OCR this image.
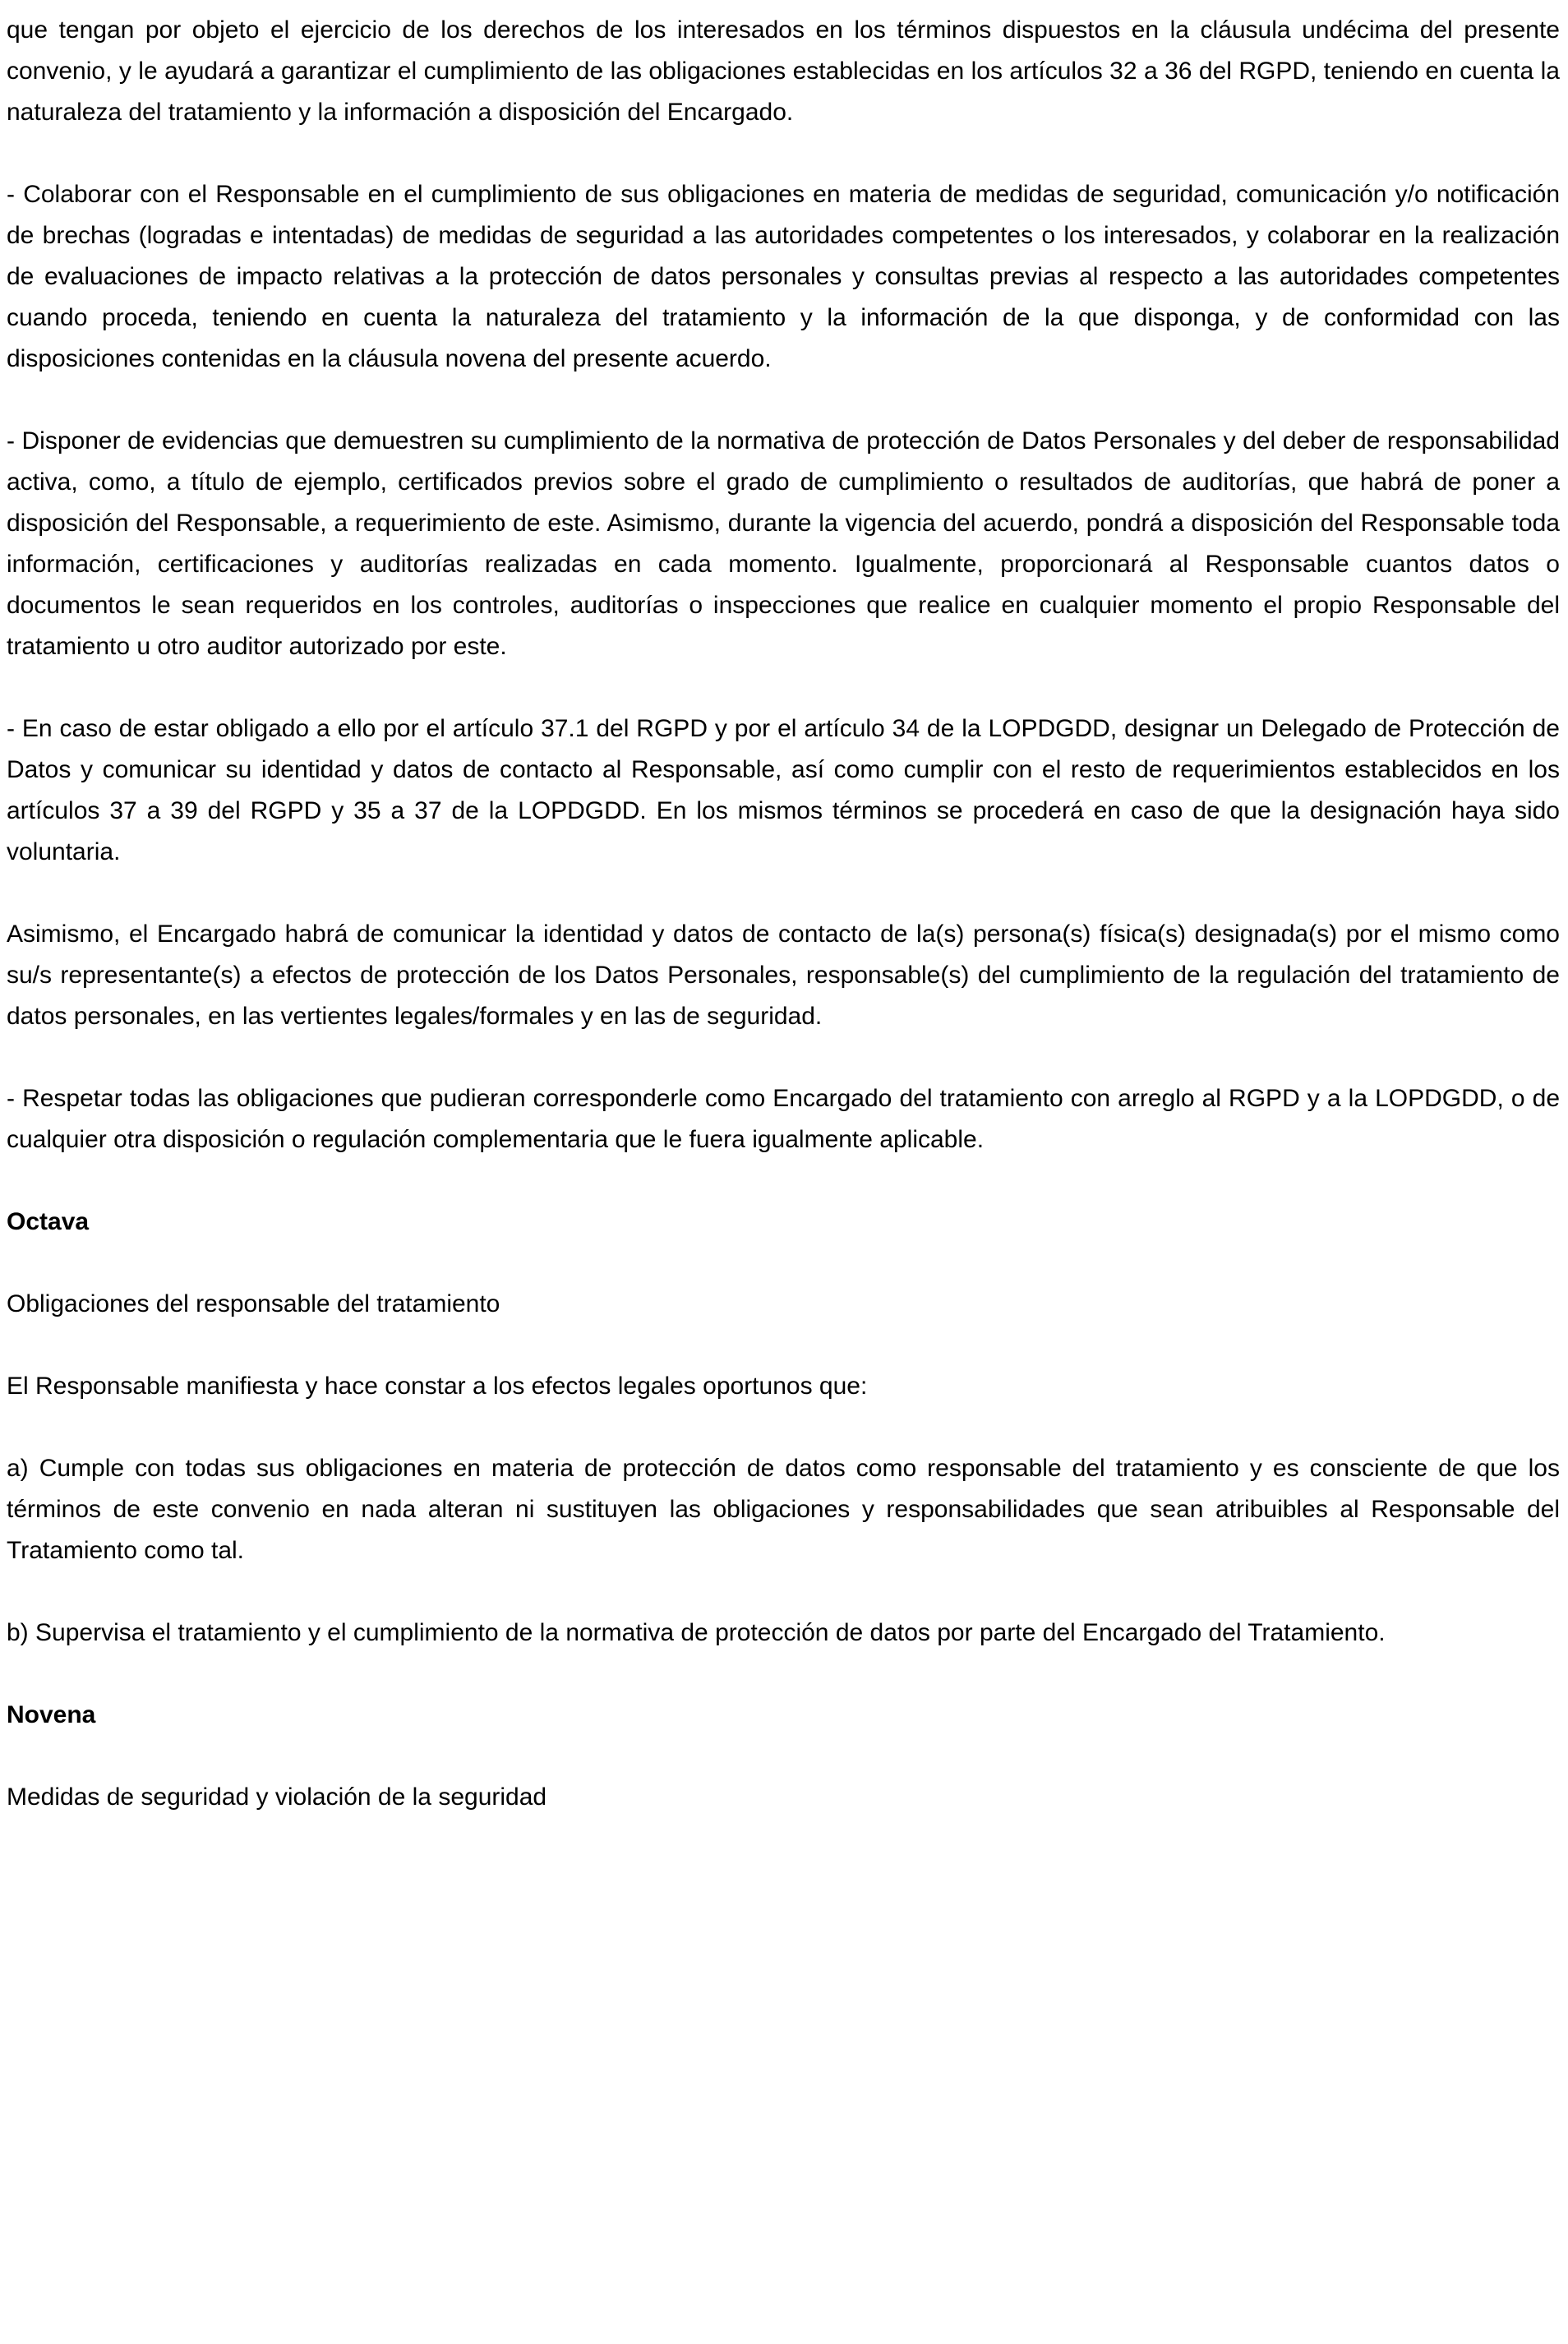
que tengan por objeto el ejercicio de los derechos de los interesados en los términos dispuestos en la cláusula undécima del presente convenio, y le ayudará a garantizar el cumplimiento de las obligaciones establecidas en los artículos 32 a 36 del RGPD, teniendo en cuenta la naturaleza del tratamiento y la información a disposición del Encargado.

- Colaborar con el Responsable en el cumplimiento de sus obligaciones en materia de medidas de seguridad, comunicación y/o notificación de brechas (logradas e intentadas) de medidas de seguridad a las autoridades competentes o los interesados, y colaborar en la realización de evaluaciones de impacto relativas a la protección de datos personales y consultas previas al respecto a las autoridades competentes cuando proceda, teniendo en cuenta la naturaleza del tratamiento y la información de la que disponga, y de conformidad con las disposiciones contenidas en la cláusula novena del presente acuerdo.

- Disponer de evidencias que demuestren su cumplimiento de la normativa de protección de Datos Personales y del deber de responsabilidad activa, como, a título de ejemplo, certificados previos sobre el grado de cumplimiento o resultados de auditorías, que habrá de poner a disposición del Responsable, a requerimiento de este. Asimismo, durante la vigencia del acuerdo, pondrá a disposición del Responsable toda información, certificaciones y auditorías realizadas en cada momento. Igualmente, proporcionará al Responsable cuantos datos o documentos le sean requeridos en los controles, auditorías o inspecciones que realice en cualquier momento el propio Responsable del tratamiento u otro auditor autorizado por este.

- En caso de estar obligado a ello por el artículo 37.1 del RGPD y por el artículo 34 de la LOPDGDD, designar un Delegado de Protección de Datos y comunicar su identidad y datos de contacto al Responsable, así como cumplir con el resto de requerimientos establecidos en los artículos 37 a 39 del RGPD y 35 a 37 de la LOPDGDD. En los mismos términos se procederá en caso de que la designación haya sido voluntaria.

Asimismo, el Encargado habrá de comunicar la identidad y datos de contacto de la(s) persona(s) física(s) designada(s) por el mismo como su/s representante(s) a efectos de protección de los Datos Personales, responsable(s) del cumplimiento de la regulación del tratamiento de datos personales, en las vertientes legales/formales y en las de seguridad.

- Respetar todas las obligaciones que pudieran corresponderle como Encargado del tratamiento con arreglo al RGPD y a la LOPDGDD, o de cualquier otra disposición o regulación complementaria que le fuera igualmente aplicable.

Octava

Obligaciones del responsable del tratamiento

El Responsable manifiesta y hace constar a los efectos legales oportunos que:

a) Cumple con todas sus obligaciones en materia de protección de datos como responsable del tratamiento y es consciente de que los términos de este convenio en nada alteran ni sustituyen las obligaciones y responsabilidades que sean atribuibles al Responsable del Tratamiento como tal.

b) Supervisa el tratamiento y el cumplimiento de la normativa de protección de datos por parte del Encargado del Tratamiento.

Novena

Medidas de seguridad y violación de la seguridad
